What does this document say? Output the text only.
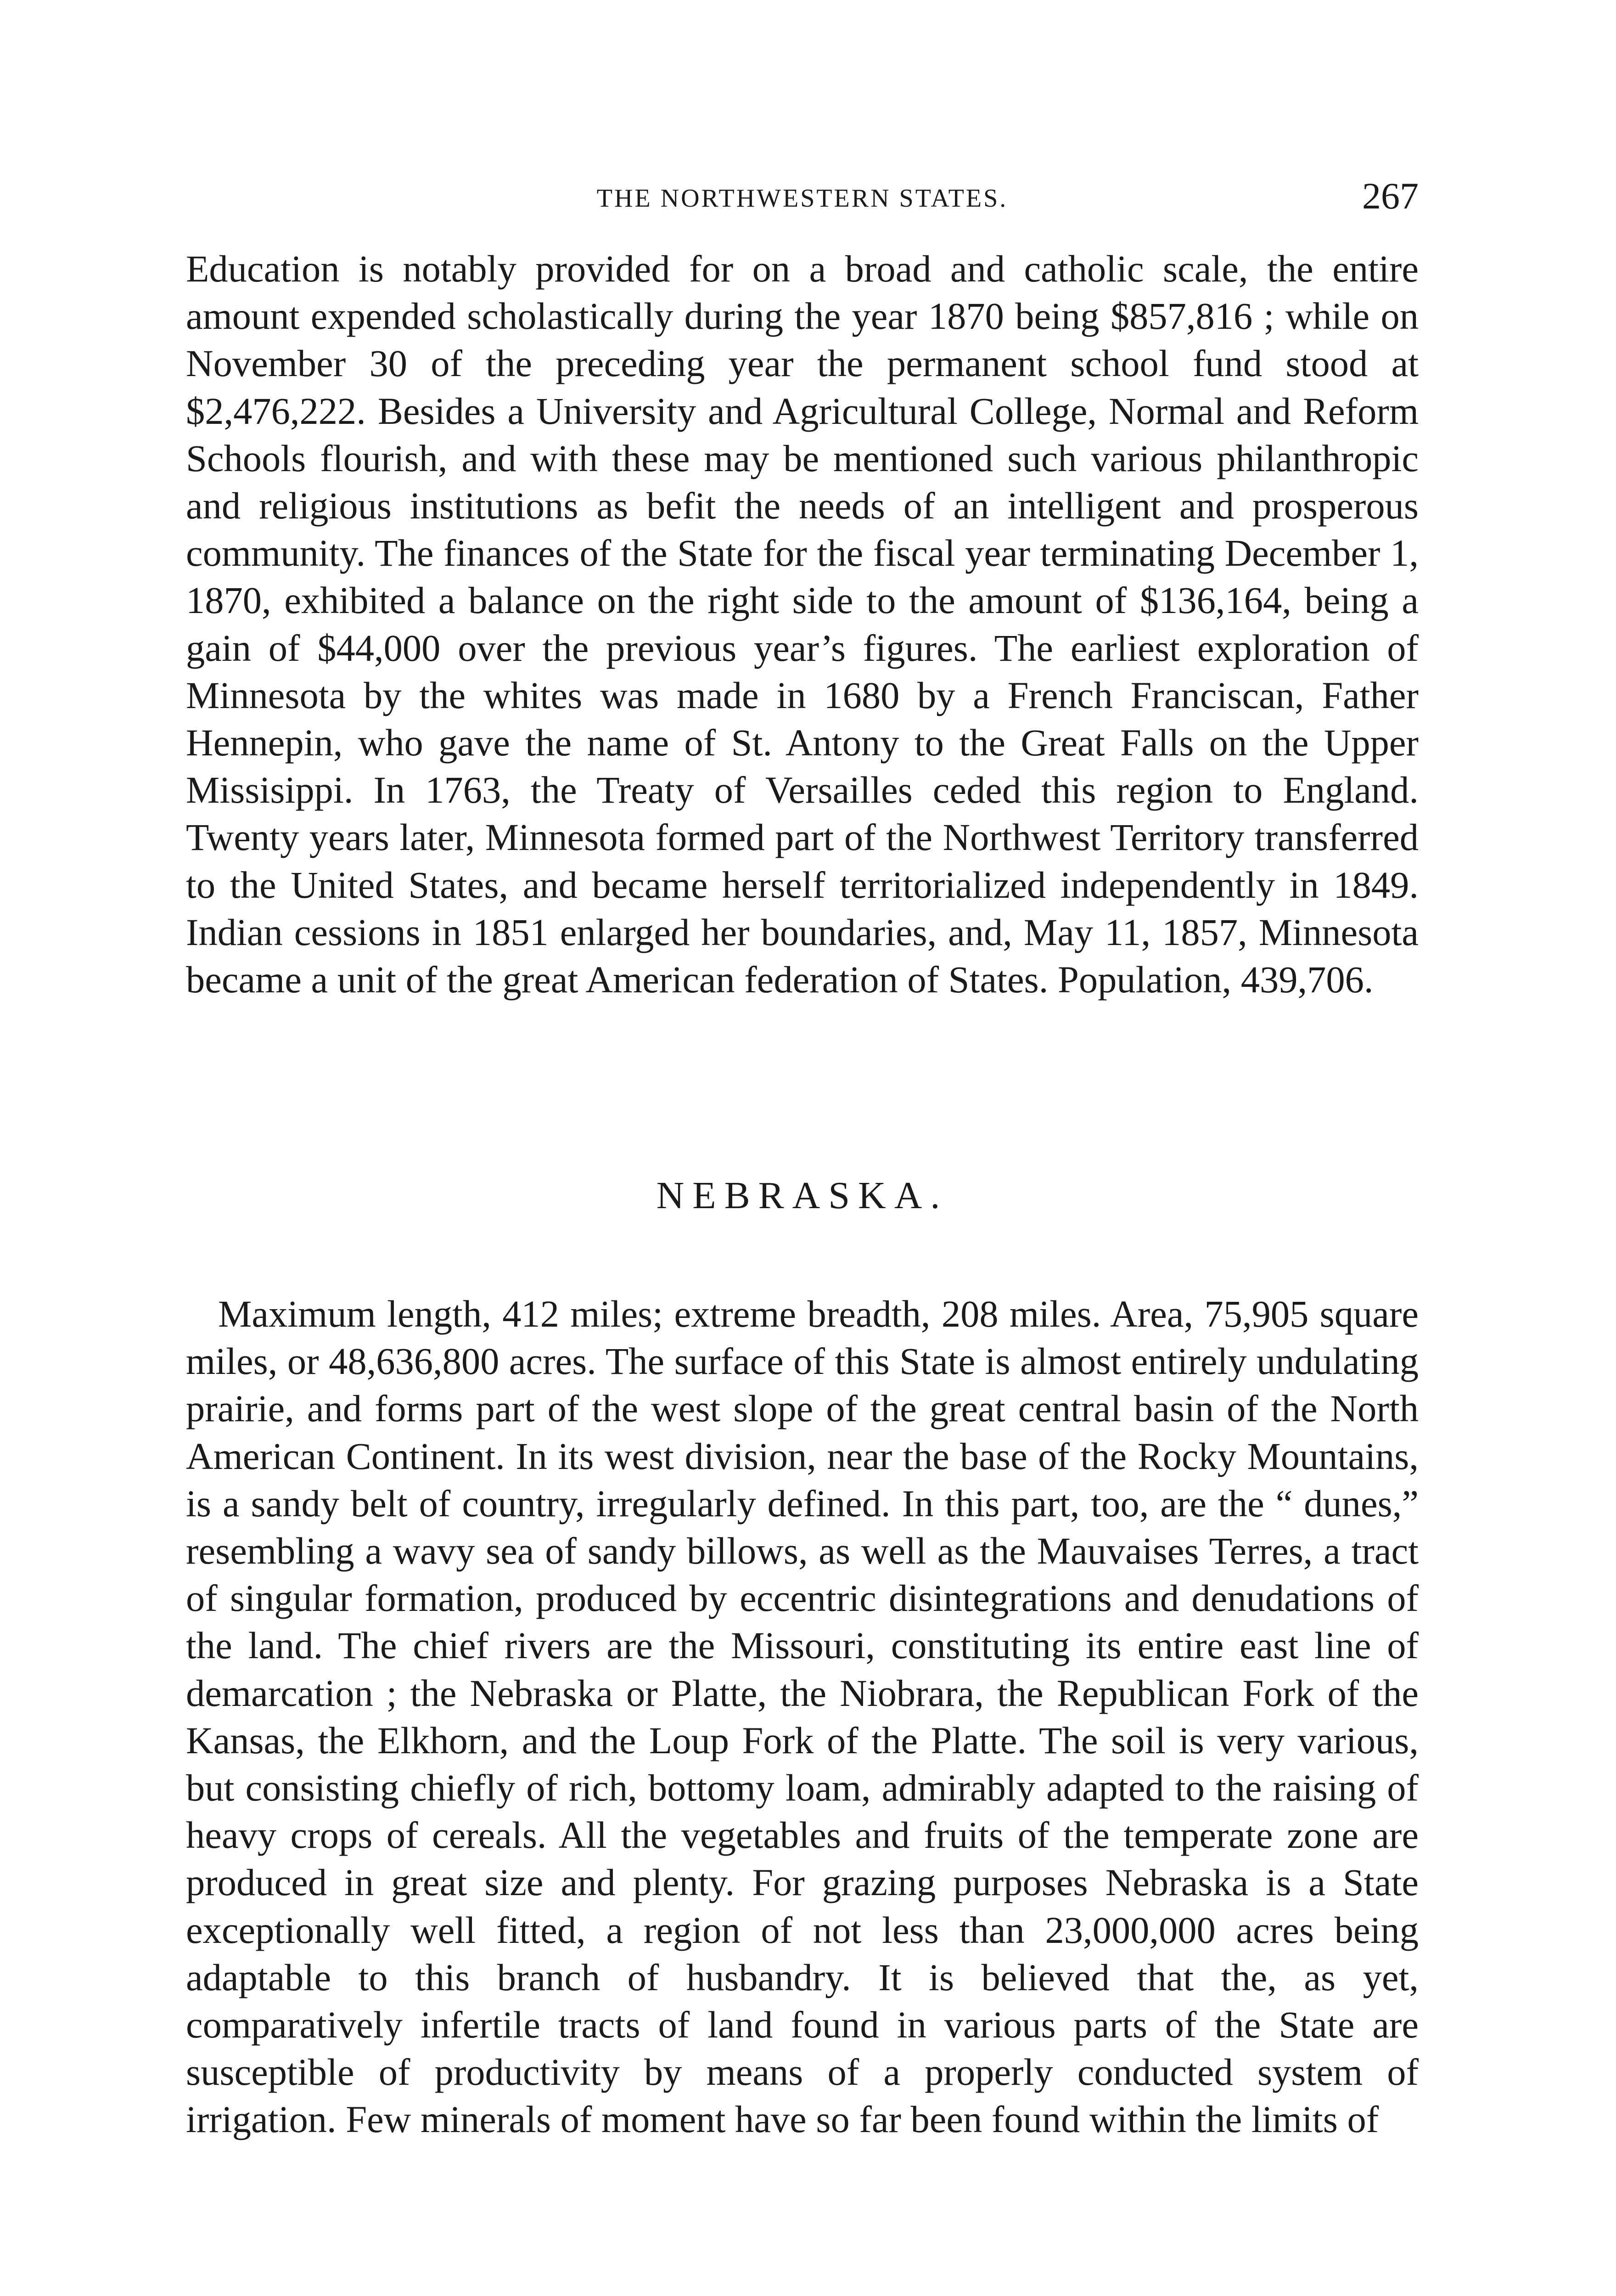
THE NORTHWESTERN STATES.	267

Education is notably provided for on a broad and catholic scale, the entire amount expended scholastically during the year 1870 being $857,816 ; while on November 30 of the preceding year the permanent school fund stood at $2,476,222. Besides a University and Agricultural College, Normal and Reform Schools flourish, and with these may be mentioned such various philanthropic and religious institutions as befit the needs of an intelligent and prosperous community. The finances of the State for the fiscal year terminating December 1, 1870, exhibited a balance on the right side to the amount of $136,164, being a gain of $44,000 over the previous year’s figures. The earliest exploration of Minnesota by the whites was made in 1680 by a French Franciscan, Father Hennepin, who gave the name of St. Antony to the Great Falls on the Upper Missisippi. In 1763, the Treaty of Versailles ceded this region to England. Twenty years later, Minnesota formed part of the Northwest Territory transferred to the United States, and became herself territorialized independently in 1849. Indian cessions in 1851 enlarged her boundaries, and, May 11, 1857, Minnesota became a unit of the great American federation of States. Population, 439,706.

NEBRASKA.

Maximum length, 412 miles; extreme breadth, 208 miles. Area, 75,905 square miles, or 48,636,800 acres. The surface of this State is almost entirely undulating prairie, and forms part of the west slope of the great central basin of the North American Continent. In its west division, near the base of the Rocky Mountains, is a sandy belt of country, irregularly defined. In this part, too, are the “ dunes,” resembling a wavy sea of sandy billows, as well as the Mauvaises Terres, a tract of singular formation, produced by eccentric disintegrations and denudations of the land. The chief rivers are the Missouri, constituting its entire east line of demarcation ; the Nebraska or Platte, the Niobrara, the Republican Fork of the Kansas, the Elkhorn, and the Loup Fork of the Platte. The soil is very various, but consisting chiefly of rich, bottomy loam, admirably adapted to the raising of heavy crops of cereals. All the vegetables and fruits of the temperate zone are produced in great size and plenty. For grazing purposes Nebraska is a State exceptionally well fitted, a region of not less than 23,000,000 acres being adaptable to this branch of husbandry. It is believed that the, as yet, comparatively infertile tracts of land found in various parts of the State are susceptible of productivity by means of a properly conducted system of irrigation. Few minerals of moment have so far been found within the limits of
